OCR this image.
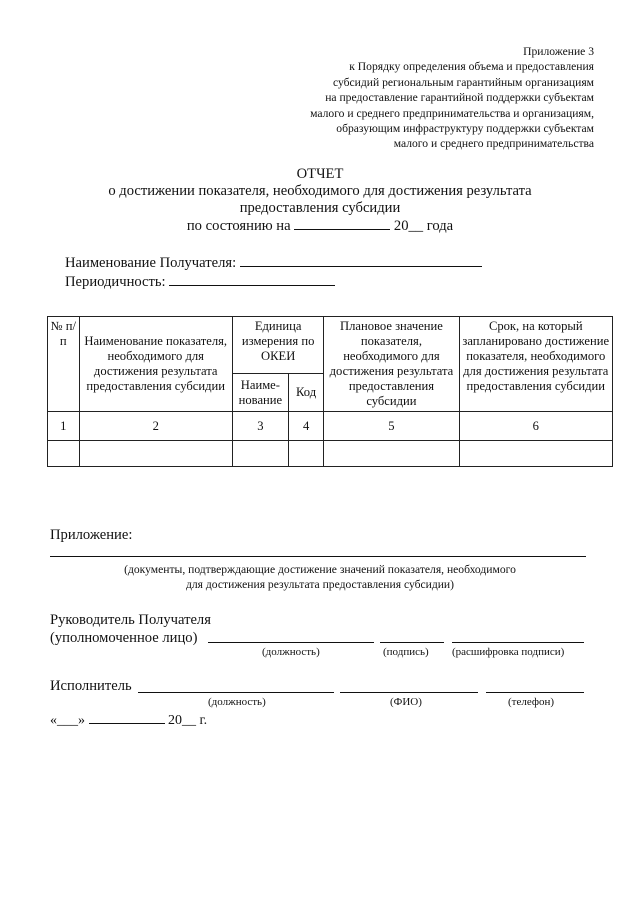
Приложение 3
к Порядку определения объема и предоставления
субсидий региональным гарантийным организациям
на предоставление гарантийной поддержки субъектам
малого и среднего предпринимательства и организациям,
образующим инфраструктуру поддержки субъектам
малого и среднего предпринимательства
ОТЧЕТ
о достижении показателя, необходимого для достижения результата
предоставления субсидии
по состоянию на	20__ года
Наименование Получателя:
Периодичность:
№ п/п	Наименование показателя, необходимого для достижения результата предоставления субсидии	Единица измерения по ОКЕИ		Плановое значение показателя, необходимого для достижения результата предоставления субсидии	Срок, на который запланировано достижение показателя, необходимого для достижения результата предоставления субсидии
		Наиме-нование	Код		
1	2	3	4	5	6

Приложение:
(документы, подтверждающие достижение значений показателя, необходимого
для достижения результата предоставления субсидии)
Руководитель Получателя
(уполномоченное лицо)
(должность)	(подпись) (расшифровка подписи)
Исполнитель
(должность)	(ФИО)	(телефон)
«___»	20__ г.
